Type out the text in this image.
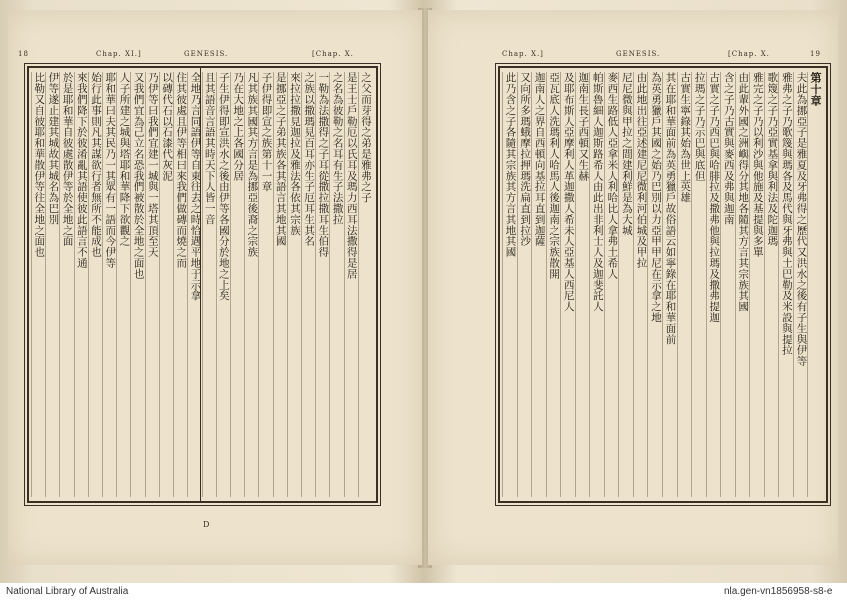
18	Chap. XI.]	GENESIS.	[Chap. X.
之父而芽得之弟是雅弗之子
是王士戶勒厄以氏耳及瑪力西耳法撒得是居
之名為彼勒之名耳有生子法撒拉
一勒為法撒得之子耳從撒拉撒耳生伯得
之族以撒瑪見百耳亦生子厄耳生其名
來拉拉撒見迦拉及雅法各依其宗族
是挪亞之子弟其族各其語言其地其國
子伊得即宣之族第十一章
凡其族其國其方言是為挪亞後裔之宗族
乃在大地之上各國分居
子生伊得即宣洪水之後由伊等各國分於地之上矣
且其語音言語其時天下人皆一音
全地乃言同語伊等自東往去之時恰遇平地于示拿
住其彼處且伊等相曰來我們做磚而燒之而
以磚代石以石漆代灰泥
乃伊等曰我們宜建一城與一塔其頂至天
又我們宜為己立名恐我們被散於全地之面也
人子所建之城與塔耶和華降下欲觀之
耶和華曰夫其民乃一其眾有一語而今伊等
始行此事則凡其謀欲行者無所不能成也
來我們降下於彼淆亂其語使彼此語言不通
於是耶和華自彼處散伊等於全地之面
伊等遂止建其城故其城名為巴別
比勒又自彼耶和華散伊等往全地之面也
D
Chap. X.]	GENESIS.	[Chap. X.	19
第十章
夫此為挪亞子是雅夏及牙弗得之歷代又洪水之後有子生與伊等
雅弗之子乃歌篾與瑪各及馬代與牙弗與土巴勒及米設與提拉
歌篾之子乃亞實基拿與利法及陀迦瑪
雅完之子乃以利沙與他施及基提與多單
由此輩外國之洲嶼得分其地各隨其方言其宗族其國
含之子乃古實與麥西及弗與迦南
古實之子乃西巴與哈腓拉及撒弗他與拉瑪及撒弗提迦
拉瑪之子乃示巴與底但
古實生寧錄其始為世上英雄
其在耶和華面前為英勇獵戶故俗語云如寧錄在耶和華面前
為英勇獵戶其國之始乃巴別以力亞甲甲尼在示拿之地
由此地出往亞述建尼尼微利河伯城及甲拉
尼尼微與甲拉之間建利鮮是為大城
麥西生路低人亞拿米人利哈比人拿弗土希人
帕斯魯細人迦斯路希人由此出非利士人及迦斐託人
迦南生長子西頓又生赫
及耶布斯人亞摩利人革迦撒人希未人亞基人西尼人
亞瓦底人洗瑪利人哈馬人後迦南之宗族散開
迦南人之界自西頓向基拉耳直到迦薩
又向所多瑪蛾摩拉押瑪洗扁直到拉沙
此乃含之子各隨其宗族其方言其地其國
National Library of Australia	nla.gen-vn1856958-s8-e
